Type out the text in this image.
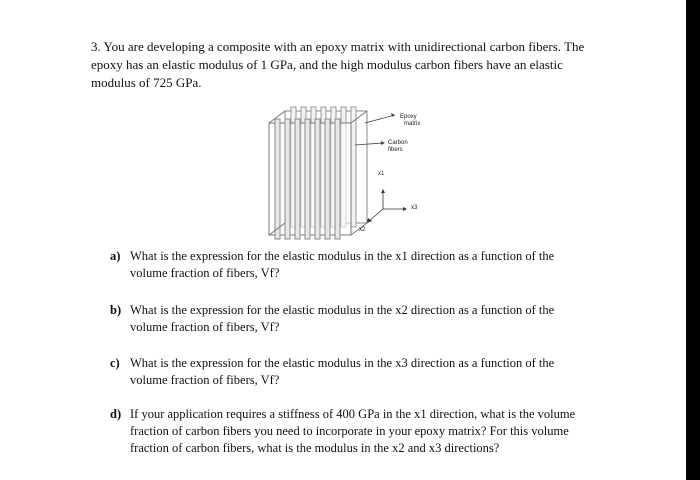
3. You are developing a composite with an epoxy matrix with unidirectional carbon fibers. The
epoxy has an elastic modulus of 1 GPa, and the high modulus carbon fibers have an elastic
modulus of 725 GPa.
Epoxy
matrix
Carbon
fibers
x1
x3
x2
a) What is the expression for the elastic modulus in the x1 direction as a function of the
volume fraction of fibers, Vf?
b) What is the expression for the elastic modulus in the x2 direction as a function of the
volume fraction of fibers, Vf?
c) What is the expression for the elastic modulus in the x3 direction as a function of the
volume fraction of fibers, Vf?
d) If your application requires a stiffness of 400 GPa in the x1 direction, what is the volume
fraction of carbon fibers you need to incorporate in your epoxy matrix? For this volume
fraction of carbon fibers, what is the modulus in the x2 and x3 directions?
